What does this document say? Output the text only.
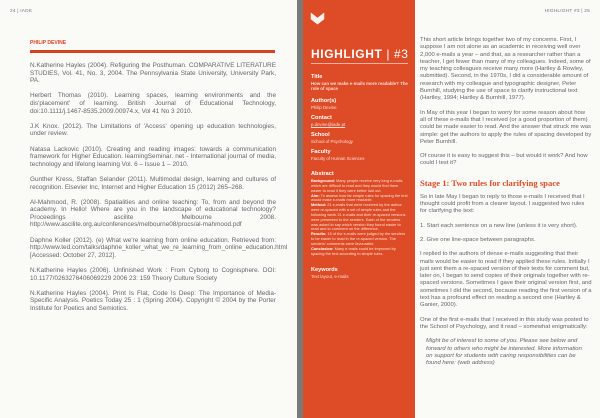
24 | IADE
PHILIP DEVINE

N.Katherine Hayles (2004). Refiguring the Posthuman. COMPARATIVE LITERATURE STUDIES, Vol. 41, No. 3, 2004. The Pennsylvania State University, University Park, PA.

Herbert Thomas (2010). Learning spaces, learning environments and the dis'placement' of learning. British Journal of Educational Technology, doi:10.1111/j.1467-8535.2009.00974.x, Vol 41 No 3 2010.

J.K Knox. (2012). The Limitations of 'Access' opening up education technologies, under review.

Natasa Lackovic (2010). Creating and reading images: towards a communication framework for Higher Education. learningSeminar. net - International journal of media, technology and lifelong learning Vol. 6 – Issue 1 – 2010.

Gunther Kress, Staffan Selander (2011). Multimodal design, learning and cultures of recognition. Elsevier Inc, Internet and Higher Education 15 (2012) 265–268.

Al-Mahmood, R. (2008). Spatialities and online teaching: To, from and beyond the academy. In Hello! Where are you in the landscape of educational technology? Proceedings ascilite Melbourne 2008. http://www.ascilite.org.au/conferences/melbourne08/procs/al-mahmood.pdf

Daphne Koller (2012). (e) What we're learning from online education. Retrieved from: http://www.ted.com/talks/daphne_koller_what_we_re_learning_from_online_education.html [Accessed: October 27, 2012].

N.Katherine Hayles (2006). Unfinished Work : From Cyborg to Cognisphere. DOI: 10.1177/0263276406069229 2006 23: 159 Theory Culture Society

N.Katherine Hayles (2004). Print Is Flat, Code Is Deep: The Importance of Media-Specific Analysis. Poetics Today 25 : 1 (Spring 2004). Copyright © 2004 by the Porter Institute for Poetics and Semiotics.

HIGHLIGHT #3 | 25
HIGHLIGHT | #3
Title
How can we make e-mails more readable? The role of space
Author(s)
Philip Devine
Contact
p.devine@iade.pt
School
School of Psychology
Faculty
Faculty of Human Sciences
Abstract

Background: Many people receive very long e-mails which are difficult to read and they would find them easier to read if they were better laid out.

Aim: To assess how far simple rules for spacing the text would make e-mails more readable.

Method: 21 e-mails that were received by the author were re-spaced with a set of simple rules and the following week 21 e-mails and their re-spaced versions were presented to the senders. Each of the senders was asked to say which version they found easier to read and to comment on the difference.

Results: 15 of the e-mails were judged by the senders to be easier to read in the re-spaced version. The senders' comments were favourable.

Conclusion: Many e-mails could be improved by spacing the text according to simple rules.

Keywords
Text layout, e-mails

This short article brings together two of my concerns. First, I suppose I am not alone as an academic in receiving well over 2,000 e-mails a year – and that, as a researcher rather than a teacher, I get fewer than many of my colleagues. Indeed, some of my teaching colleagues receive many more (Hartley & Rowley, submitted). Second, in the 1970s, I did a considerable amount of research with my colleague and typographic designer, Peter Burnhill, studying the use of space to clarify instructional text (Hartley, 1994; Hartley & Burnhill, 1977).

In May of this year I began to worry for some reason about how all of these e-mails that I received (or a good proportion of them) could be made easier to read. And the answer that struck me was simple: get the authors to apply the rules of spacing developed by Peter Burnhill.

Of course it is easy to suggest this – but would it work? And how could I test it?

Stage 1: Two rules for clarifying space

So in late May I began to reply to those e-mails I received that I thought could profit from a clearer layout. I suggested two rules for clarifying the text:

1. Start each sentence on a new line (unless it is very short).

2. Give one line-space between paragraphs.

I replied to the authors of dense e-mails suggesting that their mails would be easier to read if they applied these rules. Initially I just sent them a re-spaced version of their texts for comment but, later on, I began to send copies of their originals together with re-spaced versions. Sometimes I gave their original version first, and sometimes I did the second, because reading the first version of a text has a profound effect on reading a second one (Hartley & Ganier, 2000).

One of the first e-mails that I received in this study was posted to the School of Psychology, and it read – somewhat enigmatically:

Might be of interest to some of you. Please see below and forward to others who might be interested. More information on support for students with caring responsibilities can be found here: (web address)
